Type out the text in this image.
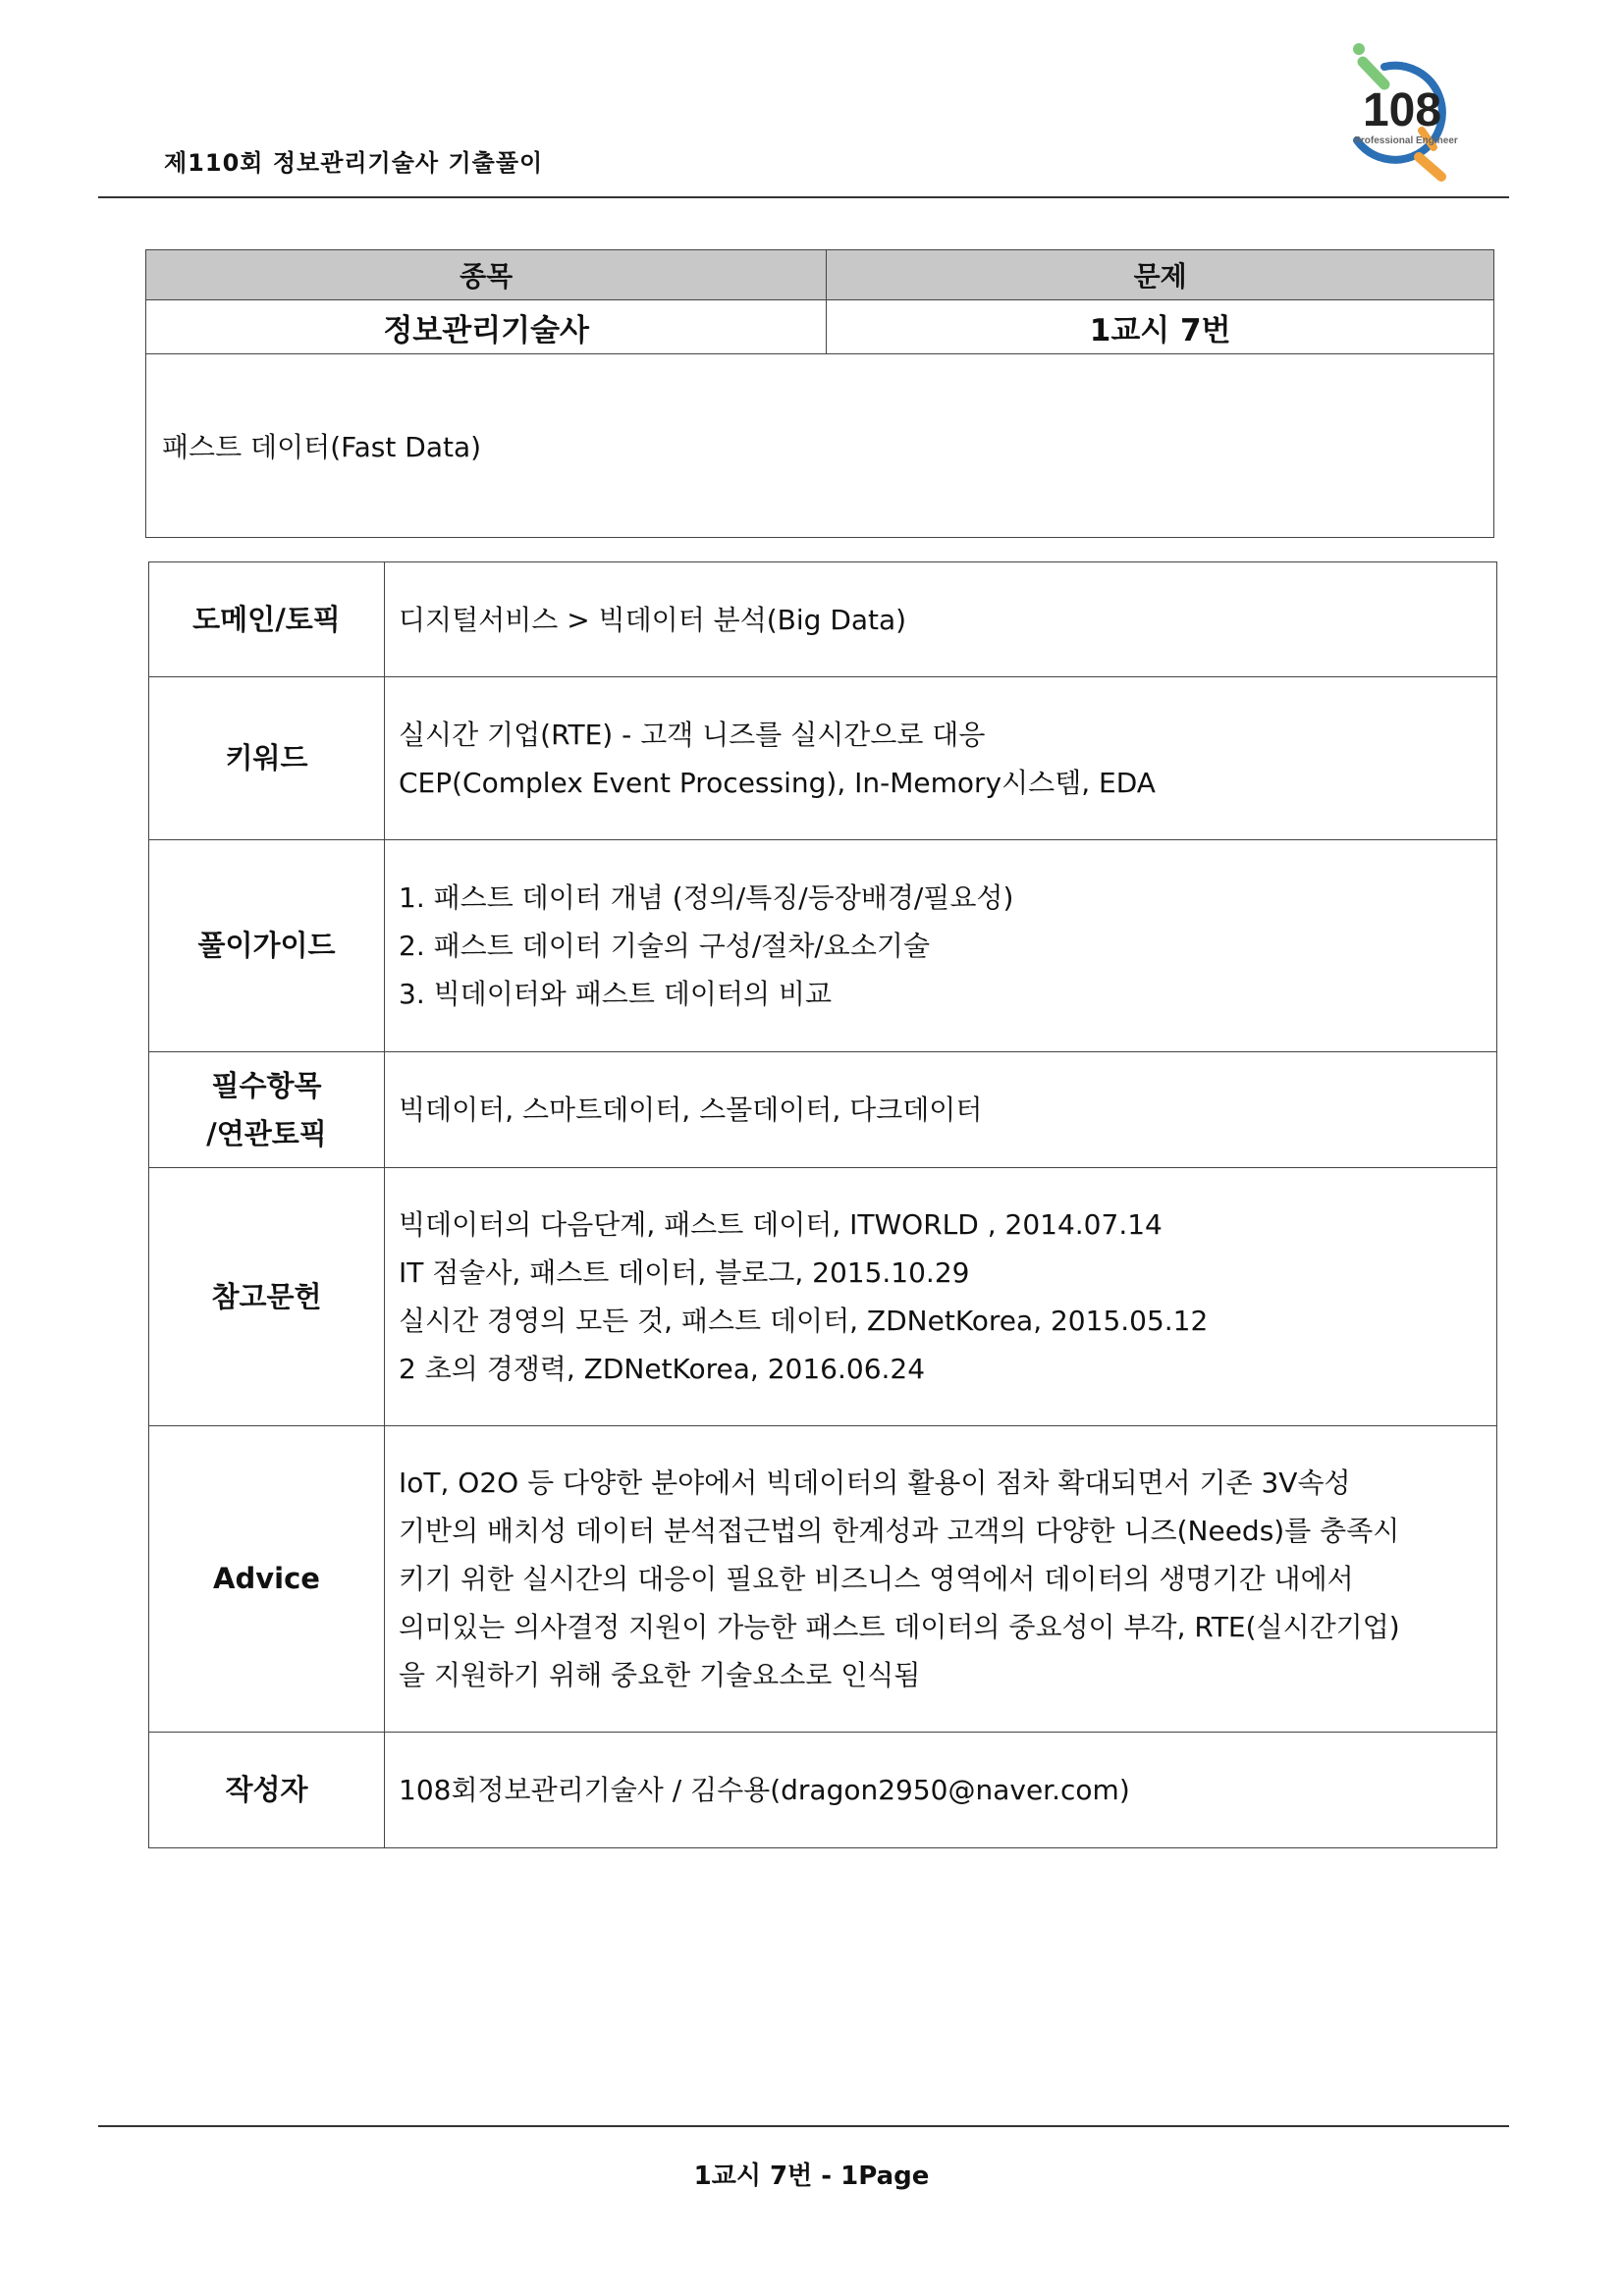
제110회 정보관리기술사 기출풀이
108
Professional Engineer
종목	문제
정보관리기술사	1교시 7번
패스트 데이터(Fast Data)	
도메인/토픽	디지털서비스 > 빅데이터 분석(Big Data)
키워드	실시간 기업(RTE) - 고객 니즈를 실시간으로 대응
CEP(Complex Event Processing), In-Memory시스템, EDA

풀이가이드	1. 패스트 데이터 개념 (정의/특징/등장배경/필요성)
2. 패스트 데이터 기술의 구성/절차/요소기술
3. 빅데이터와 패스트 데이터의 비교

필수항목
/연관토픽	빅데이터, 스마트데이터, 스몰데이터, 다크데이터
참고문헌	빅데이터의 다음단계, 패스트 데이터, ITWORLD , 2014.07.14
IT 점술사, 패스트 데이터, 블로그, 2015.10.29
실시간 경영의 모든 것, 패스트 데이터, ZDNetKorea, 2015.05.12
2 초의 경쟁력, ZDNetKorea, 2016.06.24

Advice	IoT, O2O 등 다양한 분야에서 빅데이터의 활용이 점차 확대되면서 기존 3V속성
기반의 배치성 데이터 분석접근법의 한계성과 고객의 다양한 니즈(Needs)를 충족시
키기 위한 실시간의 대응이 필요한 비즈니스 영역에서 데이터의 생명기간 내에서
의미있는 의사결정 지원이 가능한 패스트 데이터의 중요성이 부각, RTE(실시간기업)
을 지원하기 위해 중요한 기술요소로 인식됨

작성자	108회정보관리기술사 / 김수용(dragon2950@naver.com)
1교시 7번 - 1Page
